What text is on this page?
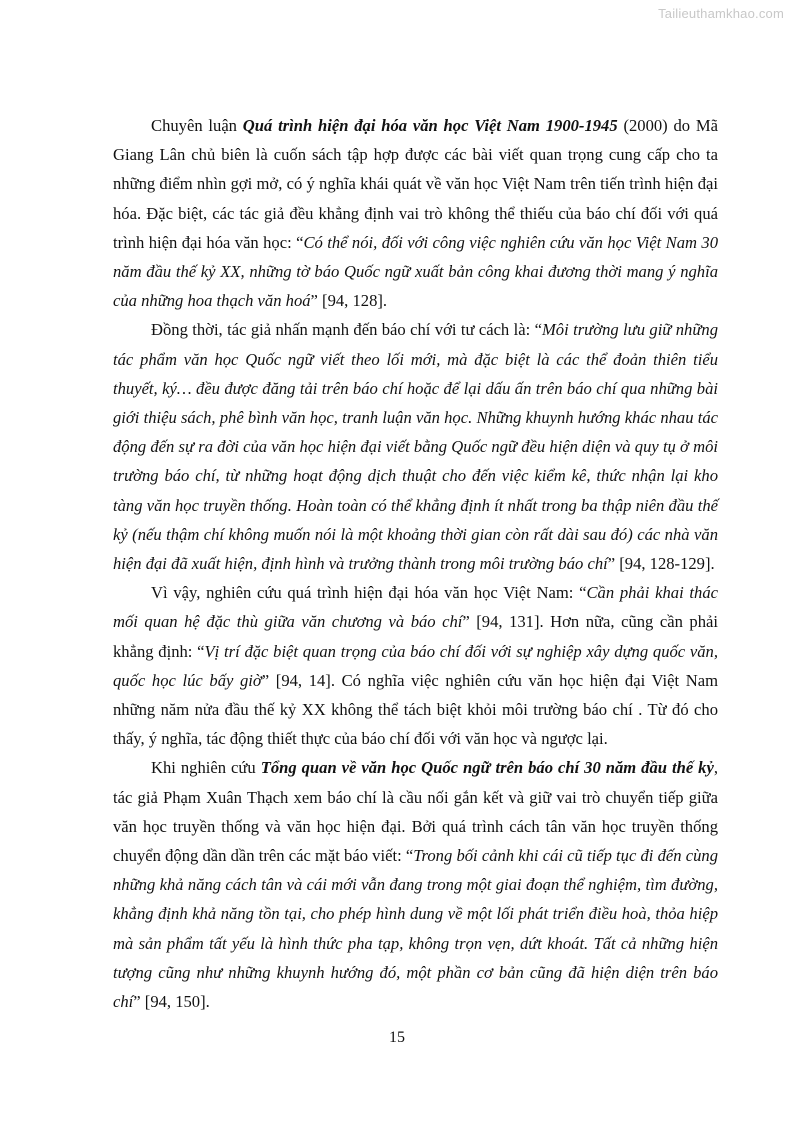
Tailieuthamkhao.com

Chuyên luận Quá trình hiện đại hóa văn học Việt Nam 1900-1945 (2000) do Mã Giang Lân chủ biên là cuốn sách tập hợp được các bài viết quan trọng cung cấp cho ta những điểm nhìn gợi mở, có ý nghĩa khái quát về văn học Việt Nam trên tiến trình hiện đại hóa. Đặc biệt, các tác giả đều khẳng định vai trò không thể thiếu của báo chí đối với quá trình hiện đại hóa văn học: “Có thể nói, đối với công việc nghiên cứu văn học Việt Nam 30 năm đầu thế kỷ XX, những tờ báo Quốc ngữ xuất bản công khai đương thời mang ý nghĩa của những hoa thạch văn hoá” [94, 128].

Đồng thời, tác giả nhấn mạnh đến báo chí với tư cách là: “Môi trường lưu giữ những tác phẩm văn học Quốc ngữ viết theo lối mới, mà đặc biệt là các thể đoản thiên tiểu thuyết, ký… đều được đăng tải trên báo chí hoặc để lại dấu ấn trên báo chí qua những bài giới thiệu sách, phê bình văn học, tranh luận văn học. Những khuynh hướng khác nhau tác động đến sự ra đời của văn học hiện đại viết bằng Quốc ngữ đều hiện diện và quy tụ ở môi trường báo chí, từ những hoạt động dịch thuật cho đến việc kiểm kê, thức nhận lại kho tàng văn học truyền thống. Hoàn toàn có thể khẳng định ít nhất trong ba thập niên đầu thế kỷ (nếu thậm chí không muốn nói là một khoảng thời gian còn rất dài sau đó) các nhà văn hiện đại đã xuất hiện, định hình và trưởng thành trong môi trường báo chí” [94, 128-129].

Vì vậy, nghiên cứu quá trình hiện đại hóa văn học Việt Nam: “Cần phải khai thác mối quan hệ đặc thù giữa văn chương và báo chí” [94, 131]. Hơn nữa, cũng cần phải khẳng định: “Vị trí đặc biệt quan trọng của báo chí đối với sự nghiệp xây dựng quốc văn, quốc học lúc bấy giờ” [94, 14]. Có nghĩa việc nghiên cứu văn học hiện đại Việt Nam những năm nửa đầu thế kỷ XX không thể tách biệt khỏi môi trường báo chí . Từ đó cho thấy, ý nghĩa, tác động thiết thực của báo chí đối với văn học và ngược lại.

Khi nghiên cứu Tổng quan về văn học Quốc ngữ trên báo chí 30 năm đầu thế kỷ, tác giả Phạm Xuân Thạch xem báo chí là cầu nối gắn kết và giữ vai trò chuyển tiếp giữa văn học truyền thống và văn học hiện đại. Bởi quá trình cách tân văn học truyền thống chuyển động dần dần trên các mặt báo viết: “Trong bối cảnh khi cái cũ tiếp tục đi đến cùng những khả năng cách tân và cái mới vẫn đang trong một giai đoạn thể nghiệm, tìm đường, khẳng định khả năng tồn tại, cho phép hình dung về một lối phát triển điều hoà, thỏa hiệp mà sản phẩm tất yếu là hình thức pha tạp, không trọn vẹn, dứt khoát. Tất cả những hiện tượng cũng như những khuynh hướng đó, một phần cơ bản cũng đã hiện diện trên báo chí” [94, 150].

15
